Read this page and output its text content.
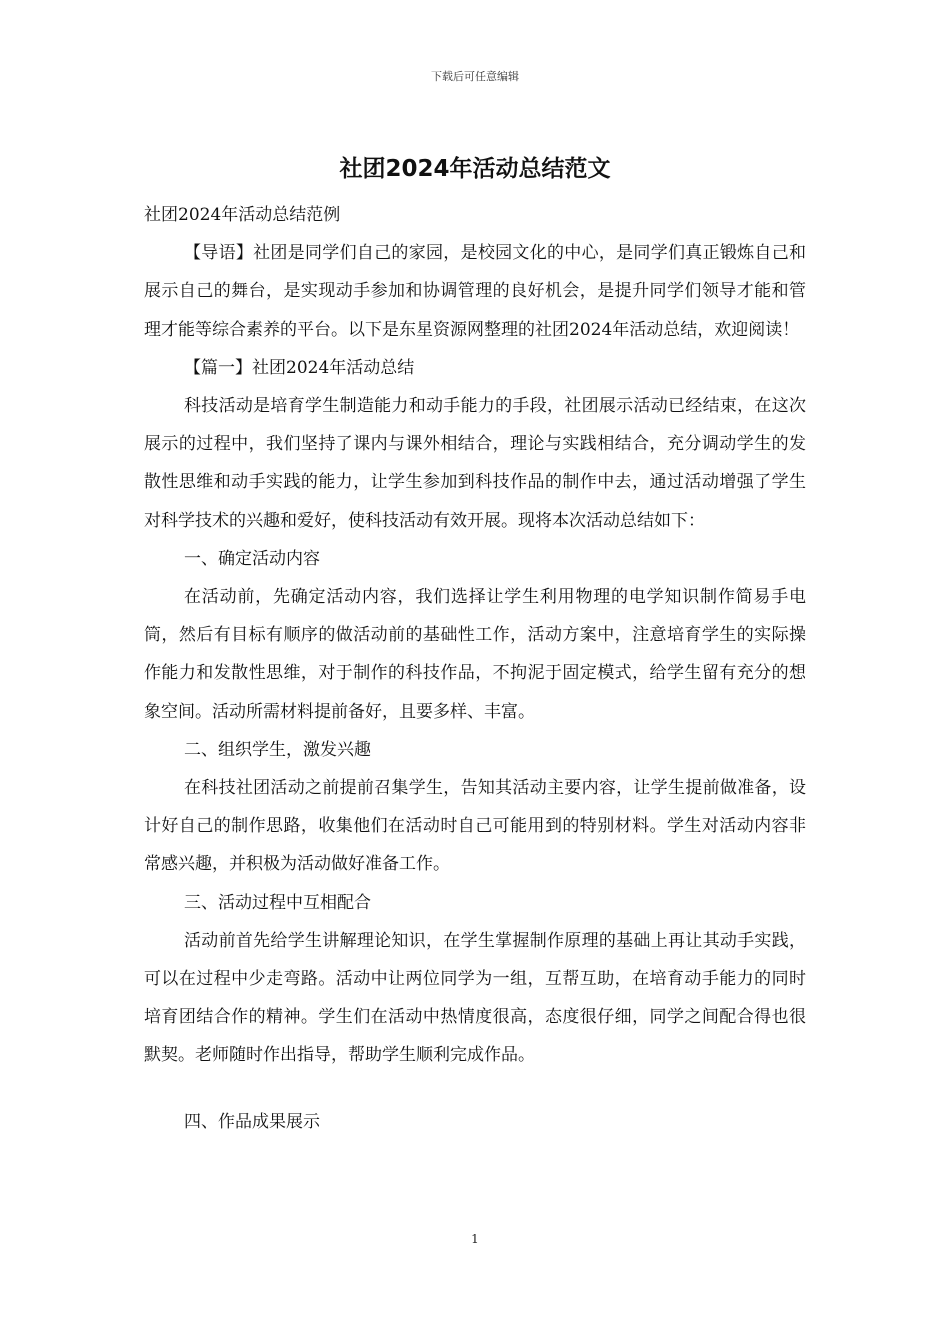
下载后可任意编辑
社团2024年活动总结范文

社团2024年活动总结范例

【导语】社团是同学们自己的家园，是校园文化的中心，是同学们真正锻炼自己和展示自己的舞台，是实现动手参加和协调管理的良好机会，是提升同学们领导才能和管理才能等综合素养的平台。以下是东星资源网整理的社团2024年活动总结，欢迎阅读！

【篇一】社团2024年活动总结

科技活动是培育学生制造能力和动手能力的手段，社团展示活动已经结束，在这次展示的过程中，我们坚持了课内与课外相结合，理论与实践相结合，充分调动学生的发散性思维和动手实践的能力，让学生参加到科技作品的制作中去，通过活动增强了学生对科学技术的兴趣和爱好，使科技活动有效开展。现将本次活动总结如下：

一、确定活动内容

在活动前，先确定活动内容，我们选择让学生利用物理的电学知识制作简易手电筒，然后有目标有顺序的做活动前的基础性工作，活动方案中，注意培育学生的实际操作能力和发散性思维，对于制作的科技作品，不拘泥于固定模式，给学生留有充分的想象空间。活动所需材料提前备好，且要多样、丰富。

二、组织学生，激发兴趣

在科技社团活动之前提前召集学生，告知其活动主要内容，让学生提前做准备，设计好自己的制作思路，收集他们在活动时自己可能用到的特别材料。学生对活动内容非常感兴趣，并积极为活动做好准备工作。

三、活动过程中互相配合

活动前首先给学生讲解理论知识，在学生掌握制作原理的基础上再让其动手实践，可以在过程中少走弯路。活动中让两位同学为一组，互帮互助，在培育动手能力的同时培育团结合作的精神。学生们在活动中热情度很高，态度很仔细，同学之间配合得也很默契。老师随时作出指导，帮助学生顺利完成作品。

四、作品成果展示

1
